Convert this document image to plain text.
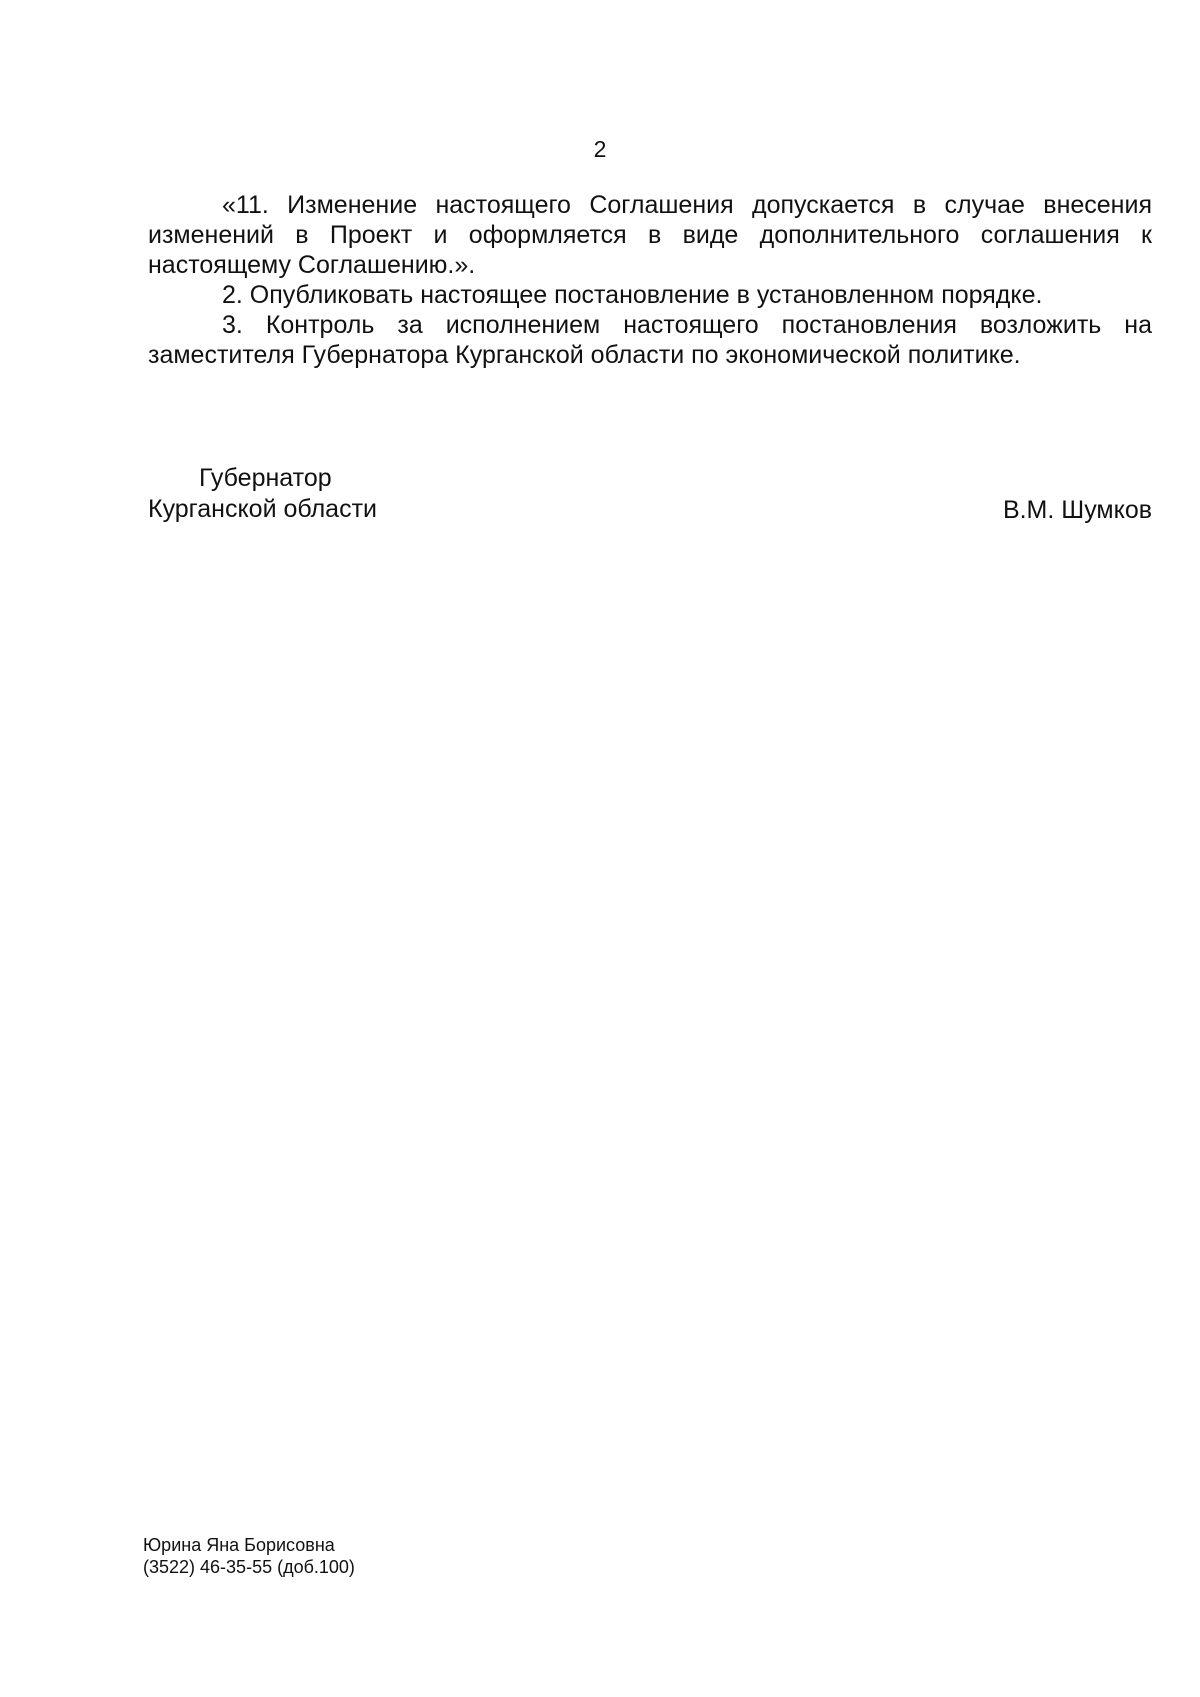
2

«11. Изменение настоящего Соглашения допускается в случае внесения изменений в Проект и оформляется в виде дополнительного соглашения к настоящему Соглашению.».

2. Опубликовать настоящее постановление в установленном порядке.

3. Контроль за исполнением настоящего постановления возложить на заместителя Губернатора Курганской области по экономической политике.

Губернатор
Курганской области	В.М. Шумков
Юрина Яна Борисовна
(3522) 46-35-55 (доб.100)
